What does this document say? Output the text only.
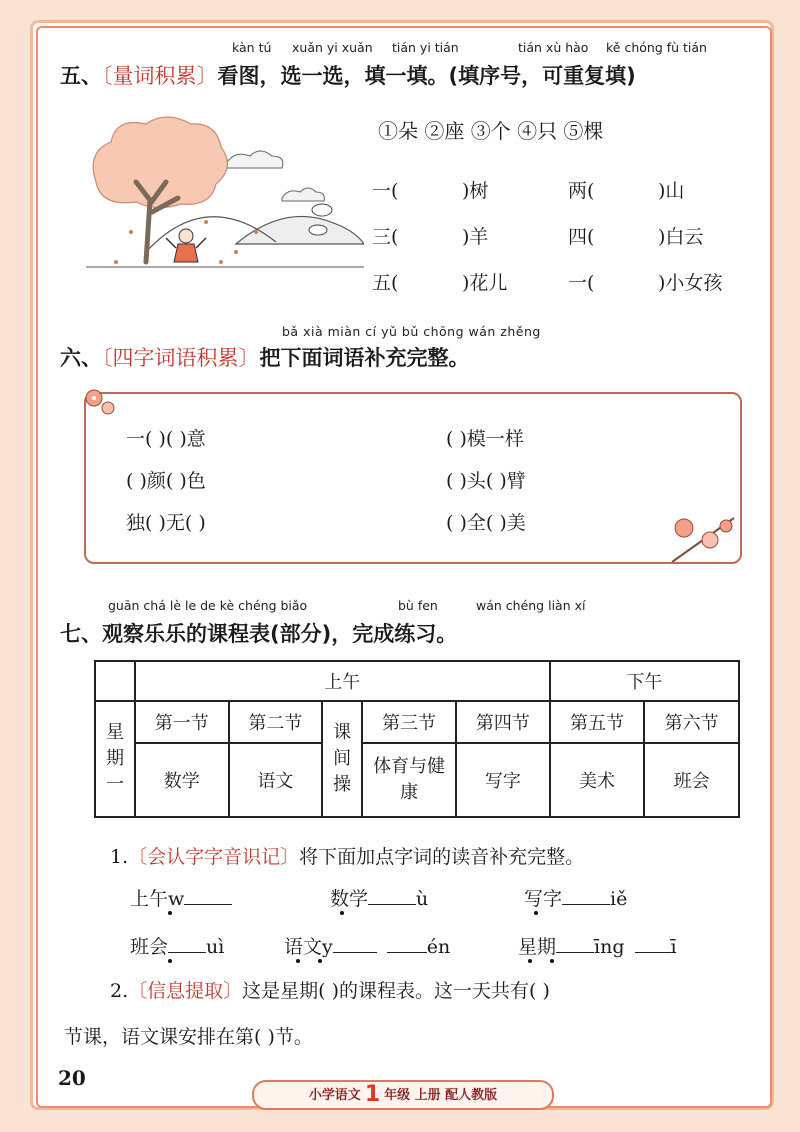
kàn tú xuǎn yi xuǎn tián yi tián	tián xù hào kě chóng fù tián
五、〔量词积累〕看图，选一选，填一填。(填序号，可重复填)
①朵 ②座 ③个 ④只 ⑤棵
一(	)树	两(	)山
三(	)羊	四(	)白云
五(	)花儿	一(	)小女孩
bǎ xià miàn cí yǔ bǔ chōng wán zhěng
六、〔四字词语积累〕把下面词语补充完整。
一( )( )意	( )模一样
( )颜( )色	( )头( )臂
独( )无( )	( )全( )美
guān chá lè le de kè chéng biǎo	bù fen	wán chéng liàn xí
七、观察乐乐的课程表(部分)，完成练习。
	上午					下午	

星期一	第一节	第二节	课间操	第三节	第四节	第五节	第六节
	数学	语文		体育与健康	写字	美术	班会
1.〔会认字字音识记〕将下面加点字词的读音补充完整。
上午w	数学	ù	写字	iě
班会 uì	语文y	én	星期 īng ī
2.〔信息提取〕这是星期( )的课程表。这一天共有( )
节课，语文课安排在第( )节。
20
小学语文 1 年级 上册 配人教版
